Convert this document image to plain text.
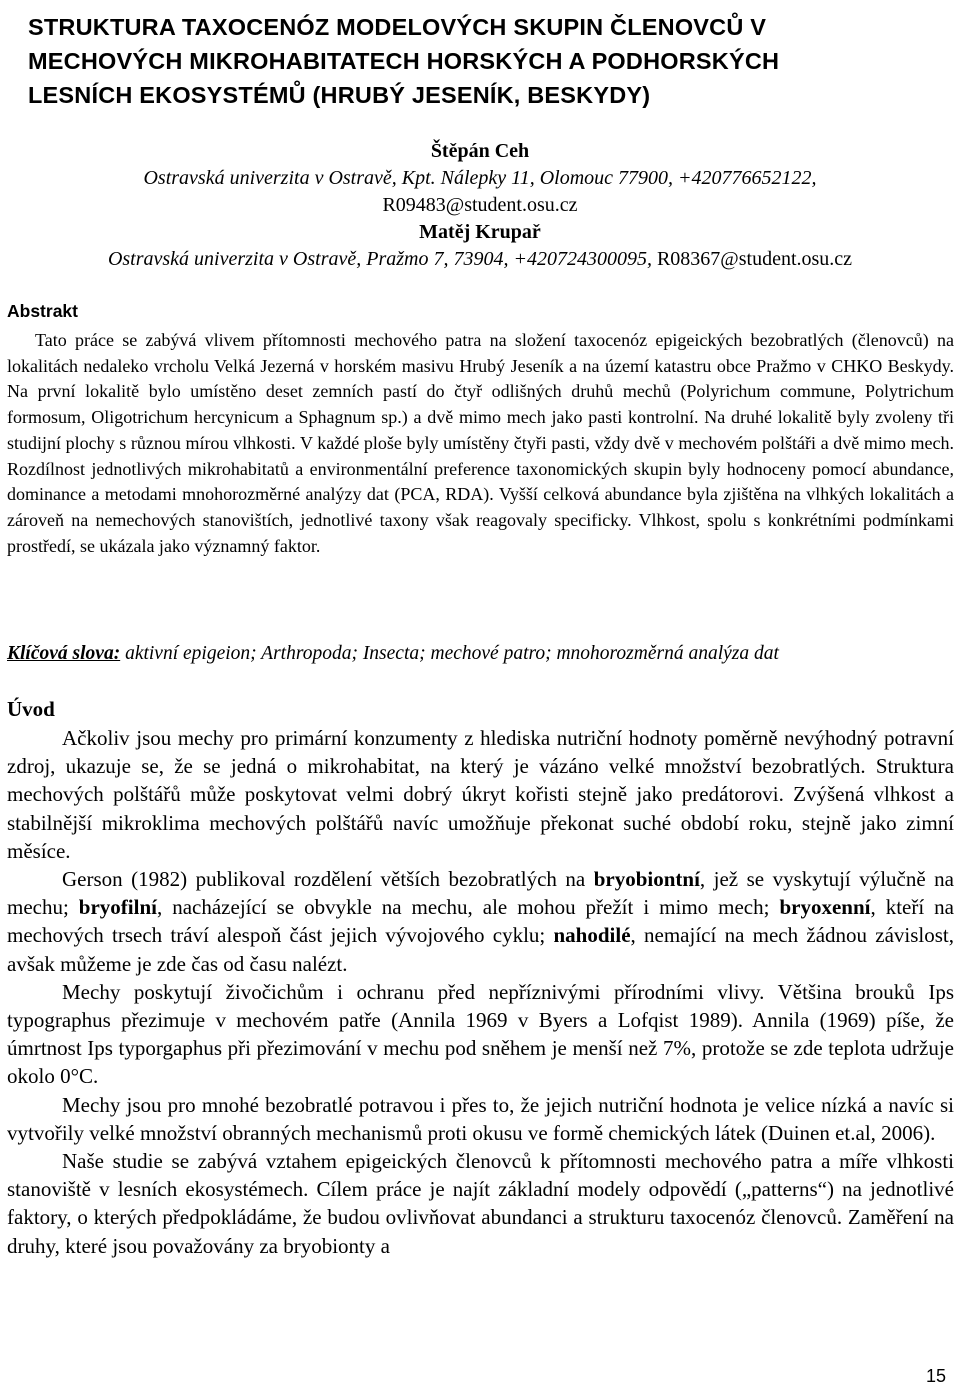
STRUKTURA TAXOCENÓZ MODELOVÝCH SKUPIN ČLENOVCŮ V
MECHOVÝCH MIKROHABITATECH HORSKÝCH A PODHORSKÝCH
LESNÍCH EKOSYSTÉMŮ (HRUBÝ JESENÍK, BESKYDY)
Štěpán Ceh
Ostravská univerzita v Ostravě, Kpt. Nálepky 11, Olomouc 77900, +420776652122,
R09483@student.osu.cz
Matěj Krupař
Ostravská univerzita v Ostravě, Pražmo 7, 73904, +420724300095, R08367@student.osu.cz
Abstrakt

Tato práce se zabývá vlivem přítomnosti mechového patra na složení taxocenóz epigeických bezobratlých (členovců) na lokalitách nedaleko vrcholu Velká Jezerná v horském masivu Hrubý Jeseník a na území katastru obce Pražmo v CHKO Beskydy. Na první lokalitě bylo umístěno deset zemních pastí do čtyř odlišných druhů mechů (Polyrichum commune, Polytrichum formosum, Oligotrichum hercynicum a Sphagnum sp.) a dvě mimo mech jako pasti kontrolní. Na druhé lokalitě byly zvoleny tři studijní plochy s různou mírou vlhkosti. V každé ploše byly umístěny čtyři pasti, vždy dvě v mechovém polštáři a dvě mimo mech. Rozdílnost jednotlivých mikrohabitatů a environmentální preference taxonomických skupin byly hodnoceny pomocí abundance, dominance a metodami mnohorozměrné analýzy dat (PCA, RDA). Vyšší celková abundance byla zjištěna na vlhkých lokalitách a zároveň na nemechových stanovištích, jednotlivé taxony však reagovaly specificky. Vlhkost, spolu s konkrétními podmínkami prostředí, se ukázala jako významný faktor.

Klíčová slova: aktivní epigeion; Arthropoda; Insecta; mechové patro; mnohorozměrná analýza dat
Úvod

Ačkoliv jsou mechy pro primární konzumenty z hlediska nutriční hodnoty poměrně nevýhodný potravní zdroj, ukazuje se, že se jedná o mikrohabitat, na který je vázáno velké množství bezobratlých. Struktura mechových polštářů může poskytovat velmi dobrý úkryt kořisti stejně jako predátorovi. Zvýšená vlhkost a stabilnější mikroklima mechových polštářů navíc umožňuje překonat suché období roku, stejně jako zimní měsíce.

Gerson (1982) publikoval rozdělení větších bezobratlých na bryobiontní, jež se vyskytují výlučně na mechu; bryofilní, nacházející se obvykle na mechu, ale mohou přežít i mimo mech; bryoxenní, kteří na mechových trsech tráví alespoň část jejich vývojového cyklu; nahodilé, nemající na mech žádnou závislost, avšak můžeme je zde čas od času nalézt.

Mechy poskytují živočichům i ochranu před nepříznivými přírodními vlivy. Většina brouků Ips typographus přezimuje v mechovém patře (Annila 1969 v Byers a Lofqist 1989). Annila (1969) píše, že úmrtnost Ips typorgaphus při přezimování v mechu pod sněhem je menší než 7%, protože se zde teplota udržuje okolo 0°C.

Mechy jsou pro mnohé bezobratlé potravou i přes to, že jejich nutriční hodnota je velice nízká a navíc si vytvořily velké množství obranných mechanismů proti okusu ve formě chemických látek (Duinen et.al, 2006).

Naše studie se zabývá vztahem epigeických členovců k přítomnosti mechového patra a míře vlhkosti stanoviště v lesních ekosystémech. Cílem práce je najít základní modely odpovědí („patterns“) na jednotlivé faktory, o kterých předpokládáme, že budou ovlivňovat abundanci a strukturu taxocenóz členovců. Zaměření na druhy, které jsou považovány za bryobionty a

15
